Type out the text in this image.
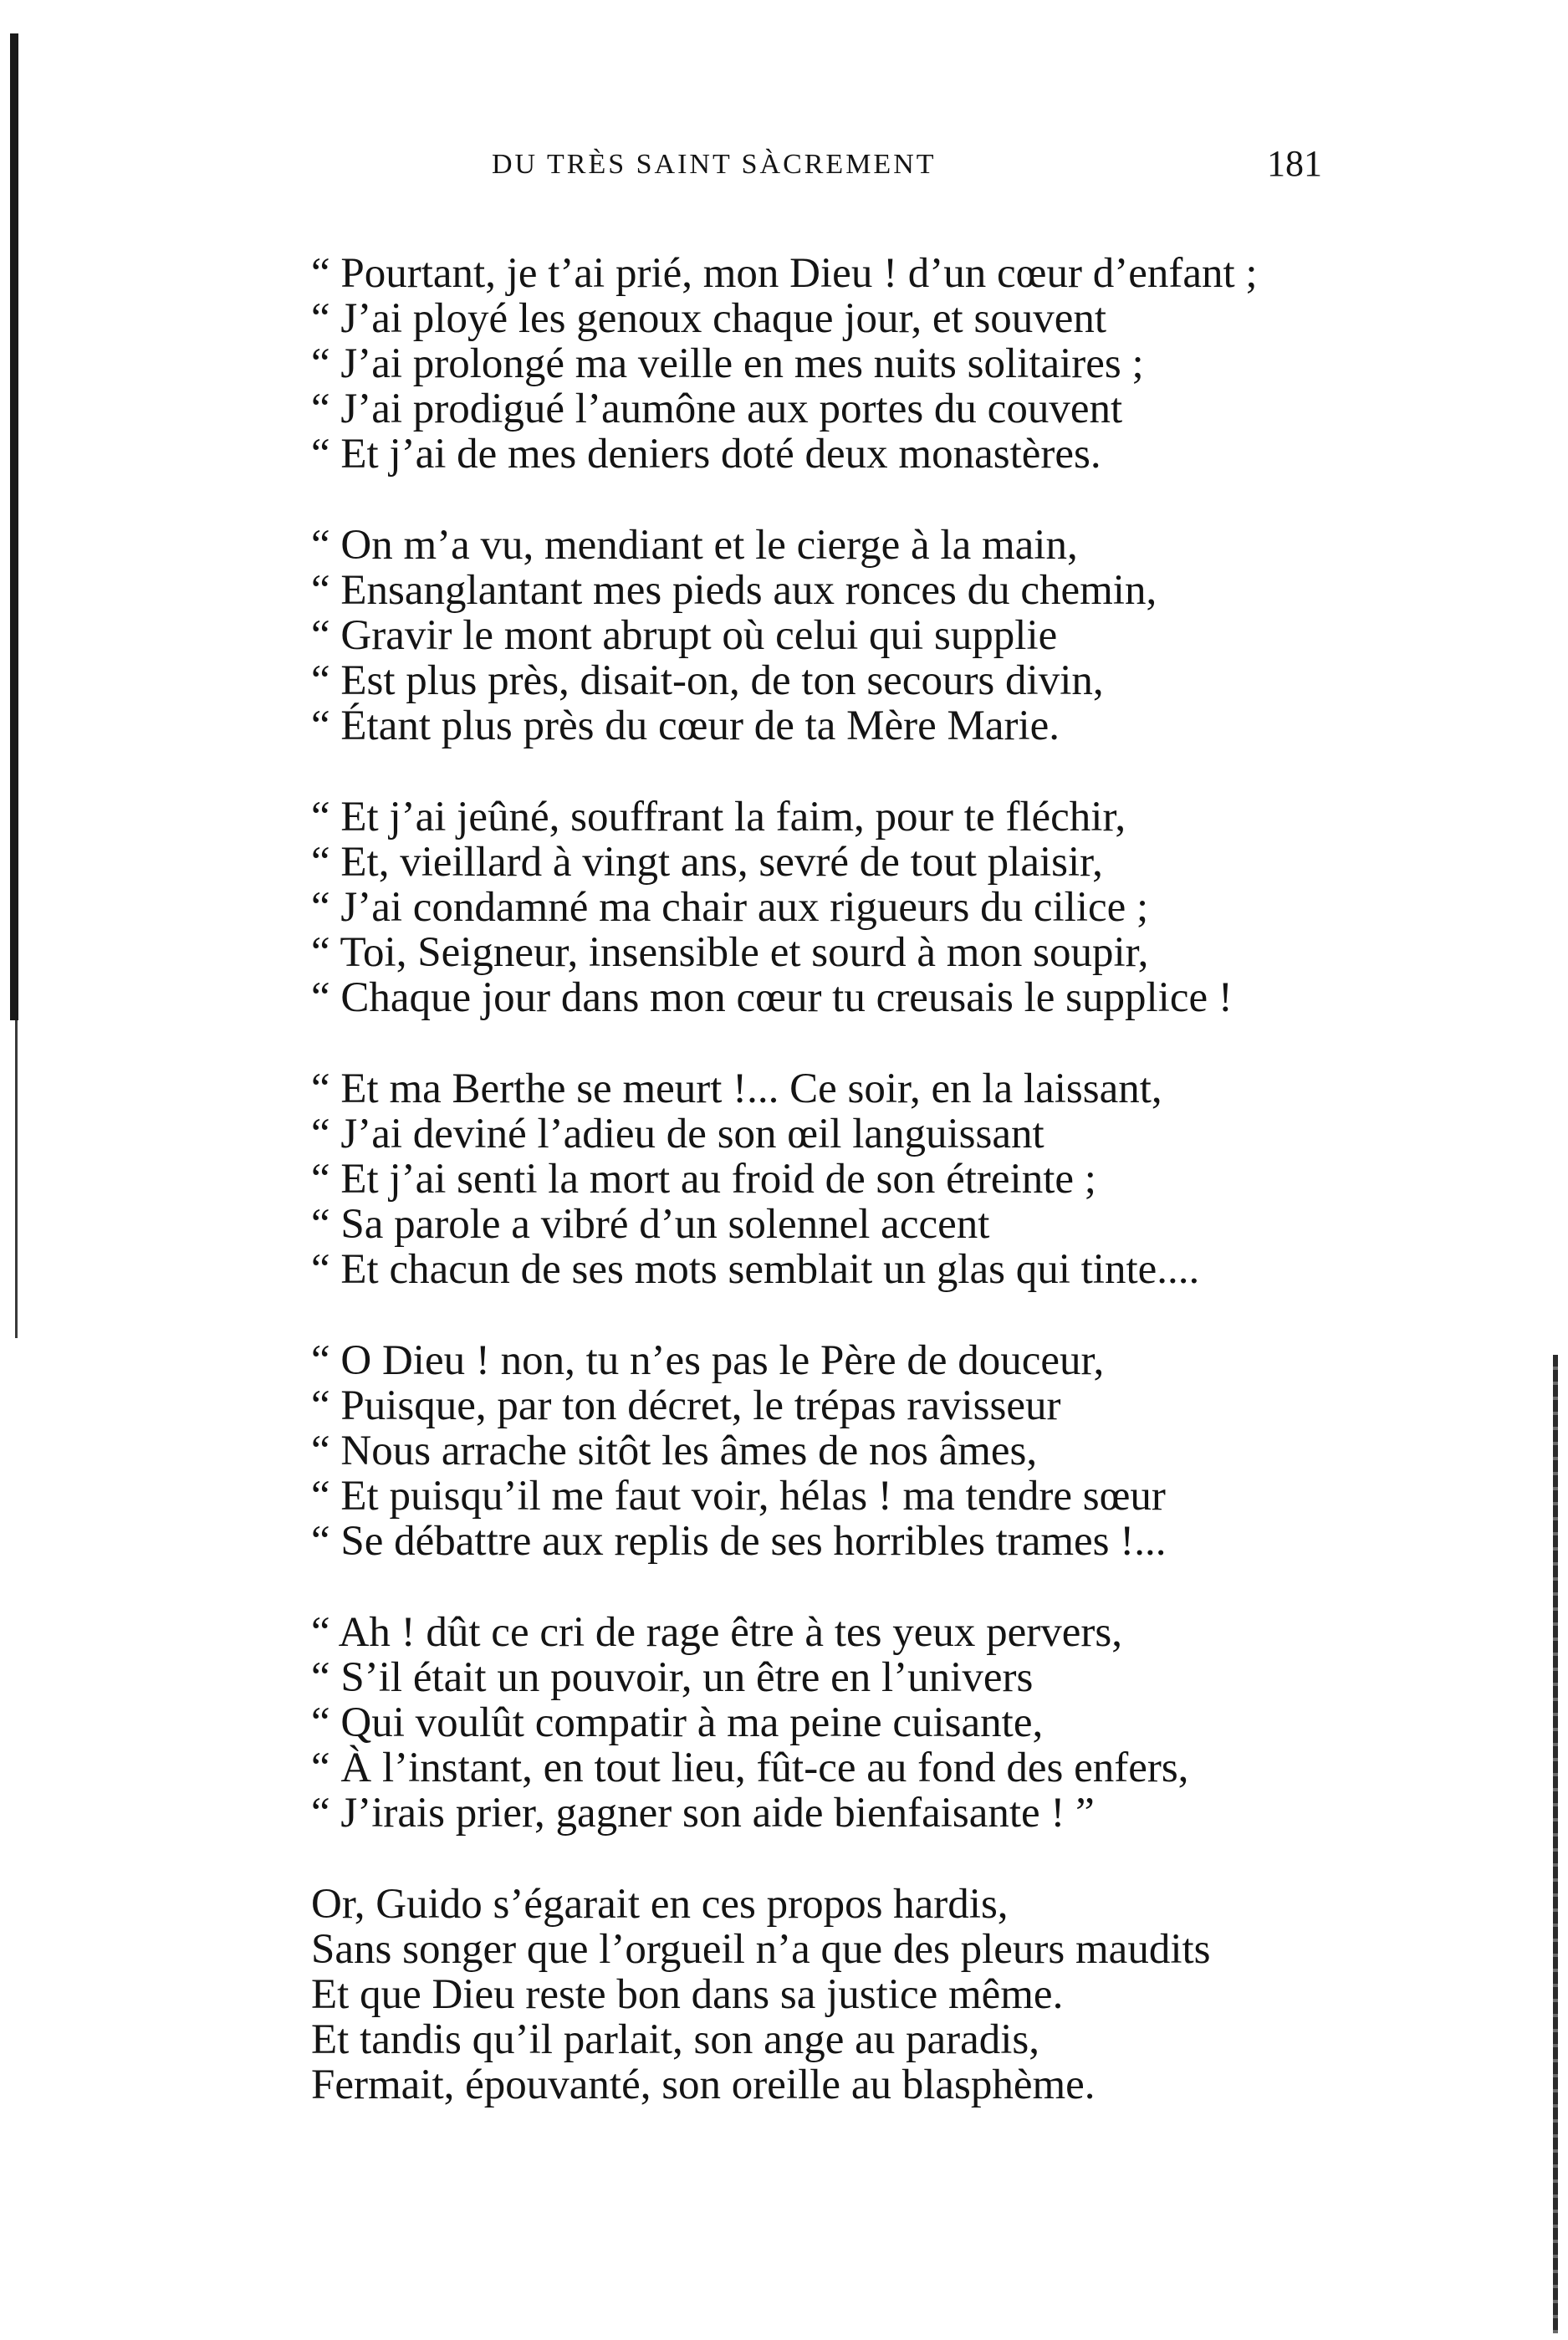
DU TRÈS SAINT SÀCREMENT	181
“ Pourtant, je t’ai prié, mon Dieu ! d’un cœur d’enfant ;
“ J’ai ployé les genoux chaque jour, et souvent
“ J’ai prolongé ma veille en mes nuits solitaires ;
“ J’ai prodigué l’aumône aux portes du couvent
“ Et j’ai de mes deniers doté deux monastères.
“ On m’a vu, mendiant et le cierge à la main,
“ Ensanglantant mes pieds aux ronces du chemin,
“ Gravir le mont abrupt où celui qui supplie
“ Est plus près, disait-on, de ton secours divin,
“ Étant plus près du cœur de ta Mère Marie.
“ Et j’ai jeûné, souffrant la faim, pour te fléchir,
“ Et, vieillard à vingt ans, sevré de tout plaisir,
“ J’ai condamné ma chair aux rigueurs du cilice ;
“ Toi, Seigneur, insensible et sourd à mon soupir,
“ Chaque jour dans mon cœur tu creusais le supplice !
“ Et ma Berthe se meurt !... Ce soir, en la laissant,
“ J’ai deviné l’adieu de son œil languissant
“ Et j’ai senti la mort au froid de son étreinte ;
“ Sa parole a vibré d’un solennel accent
“ Et chacun de ses mots semblait un glas qui tinte....
“ O Dieu ! non, tu n’es pas le Père de douceur,
“ Puisque, par ton décret, le trépas ravisseur
“ Nous arrache sitôt les âmes de nos âmes,
“ Et puisqu’il me faut voir, hélas ! ma tendre sœur
“ Se débattre aux replis de ses horribles trames !...
“ Ah ! dût ce cri de rage être à tes yeux pervers,
“ S’il était un pouvoir, un être en l’univers
“ Qui voulût compatir à ma peine cuisante,
“ À l’instant, en tout lieu, fût-ce au fond des enfers,
“ J’irais prier, gagner son aide bienfaisante ! ”
Or, Guido s’égarait en ces propos hardis,
Sans songer que l’orgueil n’a que des pleurs maudits
Et que Dieu reste bon dans sa justice même.
Et tandis qu’il parlait, son ange au paradis,
Fermait, épouvanté, son oreille au blasphème.
